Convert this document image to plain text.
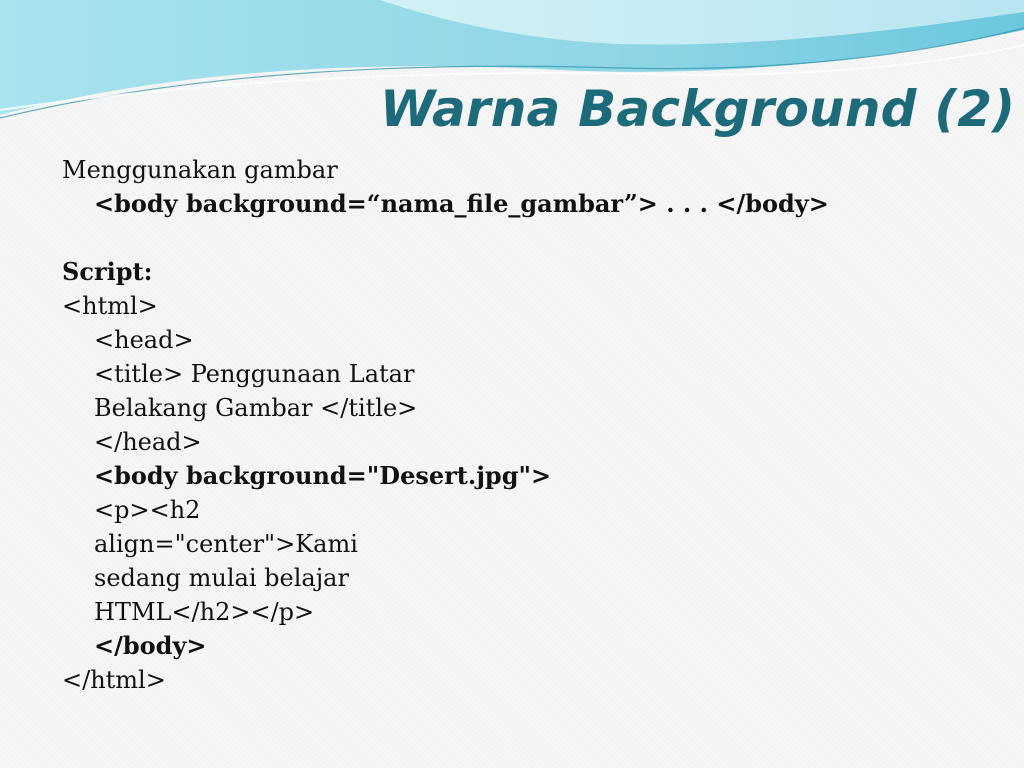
Warna Background (2)
Menggunakan gambar
<body background=“nama_file_gambar”> . . . </body>
Script:
<html>
<head>
<title> Penggunaan Latar
Belakang Gambar </title>
</head>
<body background="Desert.jpg">
<p><h2
align="center">Kami
sedang mulai belajar
HTML</h2></p>
</body>
</html>
